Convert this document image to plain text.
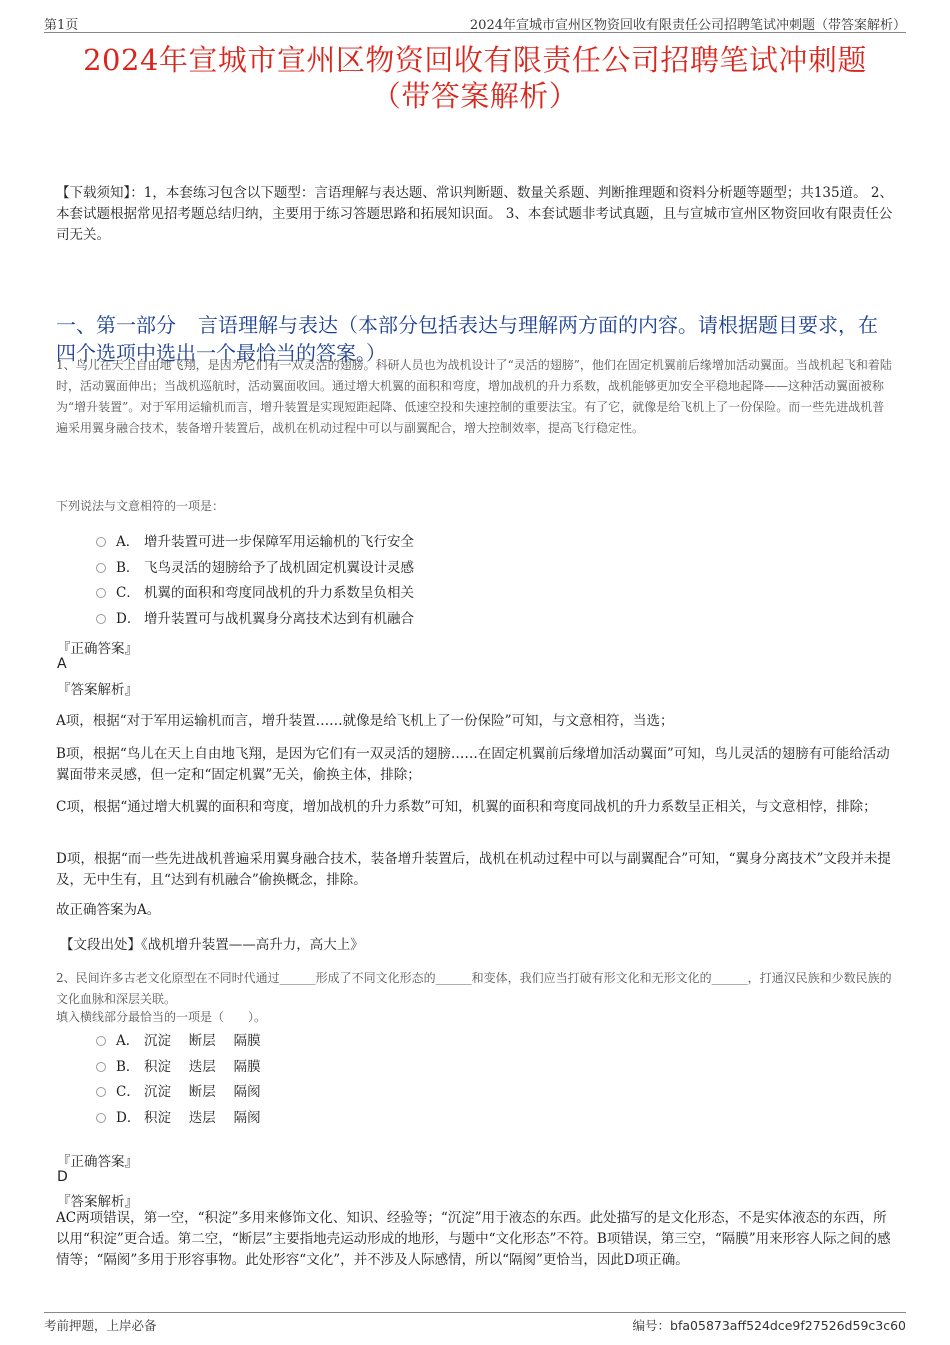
第1页	2024年宣城市宣州区物资回收有限责任公司招聘笔试冲刺题（带答案解析）
2024年宣城市宣州区物资回收有限责任公司招聘笔试冲刺题
（带答案解析）
【下载须知】：1，本套练习包含以下题型：言语理解与表达题、常识判断题、数量关系题、判断推理题和资料分析题等题型；共135道。 2、本套试题根据常见招考题总结归纳，主要用于练习答题思路和拓展知识面。 3、本套试题非考试真题，且与宣城市宣州区物资回收有限责任公司无关。
一、第一部分 言语理解与表达（本部分包括表达与理解两方面的内容。请根据题目要求，在四个选项中选出一个最恰当的答案。）
1、鸟儿在天上自由地飞翔，是因为它们有一双灵活的翅膀。科研人员也为战机设计了“灵活的翅膀”，他们在固定机翼前后缘增加活动翼面。当战机起飞和着陆时，活动翼面伸出；当战机巡航时，活动翼面收回。通过增大机翼的面积和弯度，增加战机的升力系数，战机能够更加安全平稳地起降——这种活动翼面被称为“增升装置”。对于军用运输机而言，增升装置是实现短距起降、低速空投和失速控制的重要法宝。有了它，就像是给飞机上了一份保险。而一些先进战机普遍采用翼身融合技术，装备增升装置后，战机在机动过程中可以与副翼配合，增大控制效率，提高飞行稳定性。
下列说法与文意相符的一项是：
A． 增升装置可进一步保障军用运输机的飞行安全
B． 飞鸟灵活的翅膀给予了战机固定机翼设计灵感
C． 机翼的面积和弯度同战机的升力系数呈负相关
D． 增升装置可与战机翼身分离技术达到有机融合
『正确答案』
A
『答案解析』
A项，根据“对于军用运输机而言，增升装置……就像是给飞机上了一份保险”可知，与文意相符，当选；
B项，根据“鸟儿在天上自由地飞翔，是因为它们有一双灵活的翅膀……在固定机翼前后缘增加活动翼面”可知，鸟儿灵活的翅膀有可能给活动翼面带来灵感，但一定和“固定机翼”无关，偷换主体，排除；
C项，根据“通过增大机翼的面积和弯度，增加战机的升力系数”可知，机翼的面积和弯度同战机的升力系数呈正相关，与文意相悖，排除；
D项，根据“而一些先进战机普遍采用翼身融合技术，装备增升装置后，战机在机动过程中可以与副翼配合”可知，“翼身分离技术”文段并未提及，无中生有，且“达到有机融合”偷换概念，排除。
故正确答案为A。
【文段出处】《战机增升装置——高升力，高大上》
2、民间许多古老文化原型在不同时代通过______形成了不同文化形态的______和变体，我们应当打破有形文化和无形文化的______，打通汉民族和少数民族的文化血脉和深层关联。
填入横线部分最恰当的一项是（　　）。
A． 沉淀　 断层　 隔膜
B． 积淀　 迭层　 隔膜
C． 沉淀　 断层　 隔阂
D． 积淀　 迭层　 隔阂
『正确答案』
D
『答案解析』
AC两项错误，第一空，“积淀”多用来修饰文化、知识、经验等；“沉淀”用于液态的东西。此处描写的是文化形态，不是实体液态的东西，所以用“积淀”更合适。第二空，“断层”主要指地壳运动形成的地形，与题中“文化形态”不符。B项错误，第三空，“隔膜”用来形容人际之间的感情等；“隔阂”多用于形容事物。此处形容“文化”，并不涉及人际感情，所以“隔阂”更恰当，因此D项正确。
考前押题，上岸必备	编号：bfa05873aff524dce9f27526d59c3c60
